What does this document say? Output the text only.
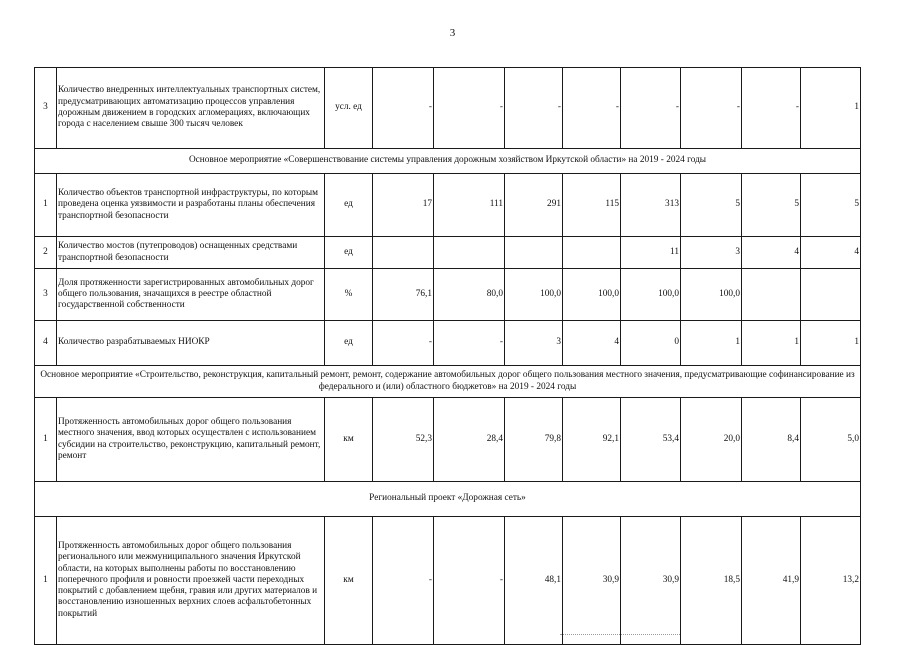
3
3	Количество внедренных интеллектуальных транспортных систем, предусматривающих автоматизацию процессов управления дорожным движением в городских агломерациях, включающих города с населением свыше 300 тысяч человек	усл. ед	-	-	-	-	-	-	-	1
Основное мероприятие «Совершенствование системы управления дорожным хозяйством Иркутской области» на 2019 - 2024 годы										
1	Количество объектов транспортной инфраструктуры, по которым проведена оценка уязвимости и разработаны планы обеспечения транспортной безопасности	ед	17	111	291	115	313	5	5	5
2	Количество мостов (путепроводов) оснащенных средствами транспортной безопасности	ед					11	3	4	4
3	Доля протяженности зарегистрированных автомобильных дорог общего пользования, значащихся в реестре областной государственной собственности	%	76,1	80,0	100,0	100,0	100,0	100,0		
4	Количество разрабатываемых НИОКР	ед	-	-	3	4	0	1	1	1
Основное мероприятие «Строительство, реконструкция, капитальный ремонт, ремонт, содержание автомобильных дорог общего пользования местного значения, предусматривающие софинансирование из федерального и (или) областного бюджетов» на 2019 - 2024 годы										
1	Протяженность автомобильных дорог общего пользования местного значения, ввод которых осуществлен с использованием субсидии на строительство, реконструкцию, капитальный ремонт, ремонт	км	52,3	28,4	79,8	92,1	53,4	20,0	8,4	5,0
Региональный проект «Дорожная сеть»										
1	Протяженность автомобильных дорог общего пользования регионального или межмуниципального значения Иркутской области, на которых выполнены работы по восстановлению поперечного профиля и ровности проезжей части переходных покрытий с добавлением щебня, гравия или других материалов и восстановлению изношенных верхних слоев асфальтобетонных покрытий	км	-	-	48,1	30,9	30,9	18,5	41,9	13,2
